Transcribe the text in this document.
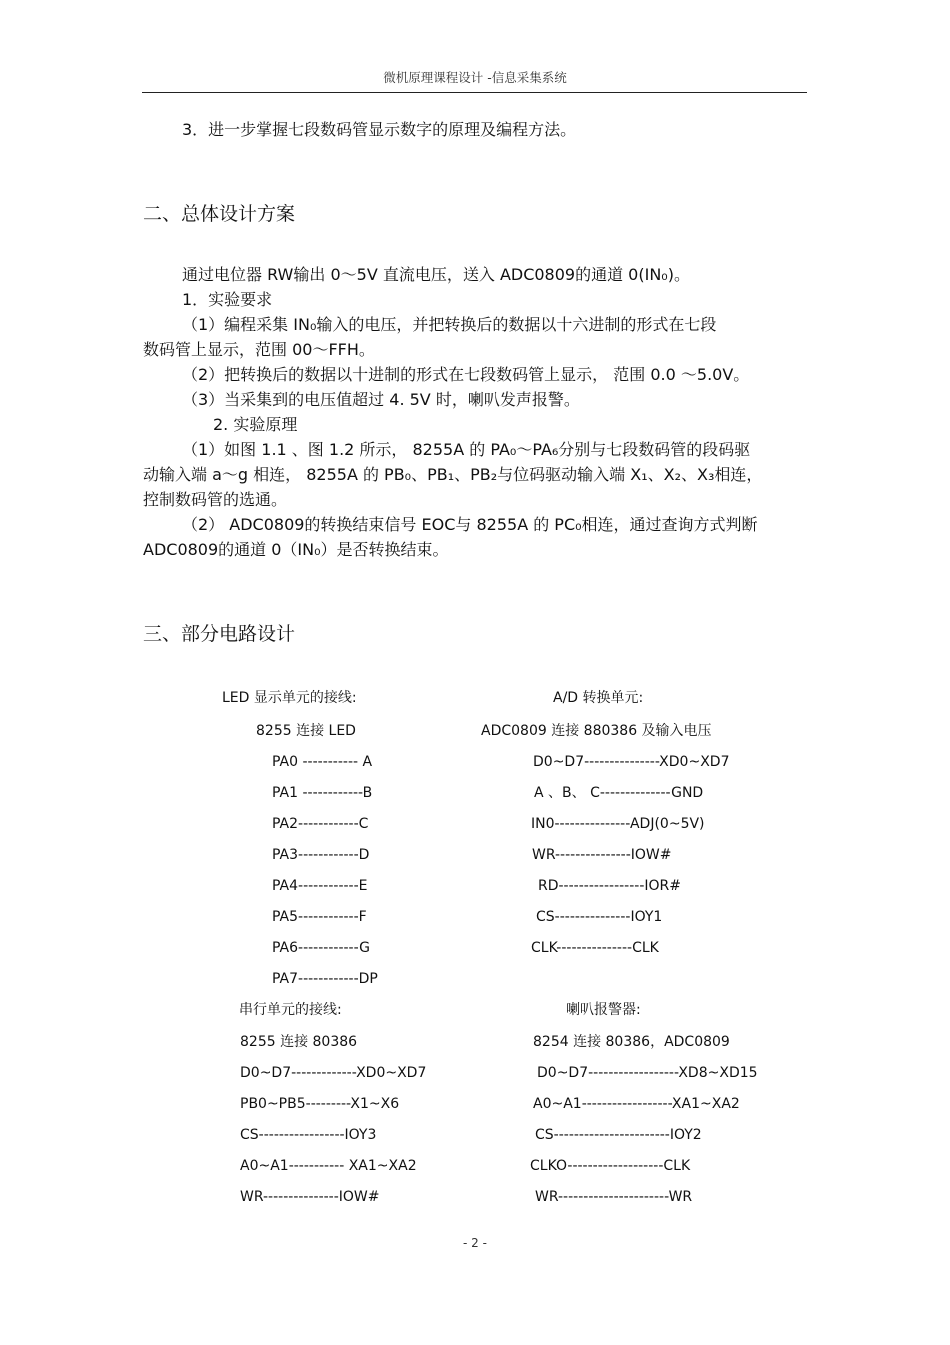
微机原理课程设计 -信息采集系统
3．进一步掌握七段数码管显示数字的原理及编程方法。
二、总体设计方案
通过电位器 RW输出 0～5V 直流电压，送入 ADC0809的通道 0(IN₀)。
1．实验要求
（1）编程采集 IN₀输入的电压，并把转换后的数据以十六进制的形式在七段
数码管上显示，范围 00～FFH。
（2）把转换后的数据以十进制的形式在七段数码管上显示， 范围 0.0 ～5.0V。
（3）当采集到的电压值超过 4. 5V 时，喇叭发声报警。
2. 实验原理
（1）如图 1.1 、图 1.2 所示， 8255A 的 PA₀～PA₆分别与七段数码管的段码驱
动输入端 a～g 相连， 8255A 的 PB₀、PB₁、PB₂与位码驱动输入端 X₁、X₂、X₃相连，
控制数码管的选通。
（2） ADC0809的转换结束信号 EOC与 8255A 的 PC₀相连，通过查询方式判断
ADC0809的通道 0（IN₀）是否转换结束。
三、部分电路设计
LED 显示单元的接线:
8255 连接 LED
PA0 ----------- A
PA1 ------------B
PA2------------C
PA3------------D
PA4------------E
PA5------------F
PA6------------G
PA7------------DP
A/D 转换单元:
ADC0809 连接 880386 及输入电压
D0~D7---------------XD0~XD7
A 、B、 C--------------GND
IN0---------------ADJ(0~5V)
WR---------------IOW#
RD-----------------IOR#
CS---------------IOY1
CLK---------------CLK
串行单元的接线:
8255 连接 80386
D0~D7-------------XD0~XD7
PB0~PB5---------X1~X6
CS-----------------IOY3
A0~A1----------- XA1~XA2
WR---------------IOW#
喇叭报警器:
8254 连接 80386，ADC0809
D0~D7------------------XD8~XD15
A0~A1------------------XA1~XA2
CS-----------------------IOY2
CLKO-------------------CLK
WR----------------------WR
- 2 -
